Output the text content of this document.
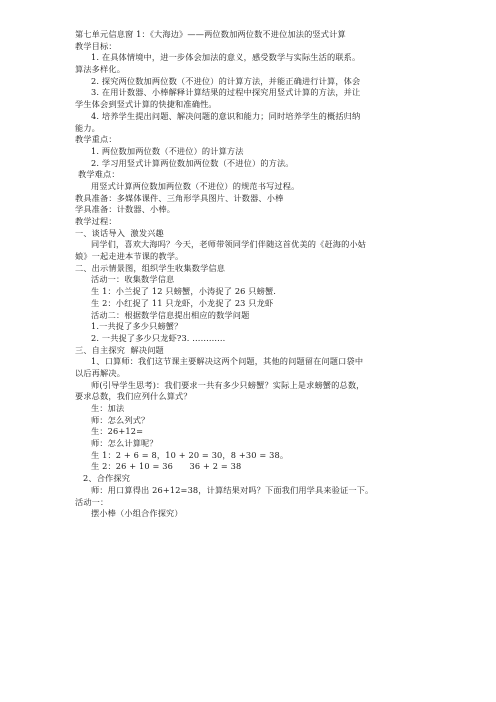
第七单元信息窗 1：《大海边》——两位数加两位数不进位加法的竖式计算
教学目标：
1. 在具体情境中，进一步体会加法的意义，感受数学与实际生活的联系。
算法多样化。
2. 探究两位数加两位数（不进位）的计算方法，并能正确进行计算，体会
3. 在用计数器、小棒解释计算结果的过程中探究用竖式计算的方法，并让
学生体会到竖式计算的快捷和准确性。
4. 培养学生提出问题、解决问题的意识和能力；同时培养学生的概括归纳
能力。
教学重点：
1. 两位数加两位数（不进位）的计算方法
2. 学习用竖式计算两位数加两位数（不进位）的方法。
教学难点：
用竖式计算两位数加两位数（不进位）的规范书写过程。
教具准备：多媒体课件、三角形学具图片、计数器、小棒
学具准备：计数器、小棒。
教学过程：
一、谈话导入  激发兴趣
同学们，喜欢大海吗？今天，老师带领同学们伴随这首优美的《赶海的小姑
娘》一起走进本节课的教学。
二、出示情景图，组织学生收集数学信息
活动一：收集数学信息
生 1：小兰捉了 12 只螃蟹，小涛捉了 26 只螃蟹.
生 2：小红捉了 11 只龙虾，小龙捉了 23 只龙虾
活动二：根据数学信息提出相应的数学问题
1.一共捉了多少只螃蟹？
2. 一共捉了多少只龙虾?3. ............
三、自主探究  解决问题
1、口算师：我们这节课主要解决这两个问题，其他的问题留在问题口袋中
以后再解决。
师(引导学生思考)：我们要求一共有多少只螃蟹？实际上是求螃蟹的总数，
要求总数，我们应列什么算式？
生：加法
师：怎么列式？
生：26+12=
师：怎么计算呢？
生 1：2 + 6 = 8，10 + 20 = 30，8 +30 = 38。
生 2：26 + 10 = 36      36 + 2 = 38
2、合作探究
师：用口算得出 26+12=38，计算结果对吗？下面我们用学具来验证一下。
活动一：
摆小棒（小组合作探究）
